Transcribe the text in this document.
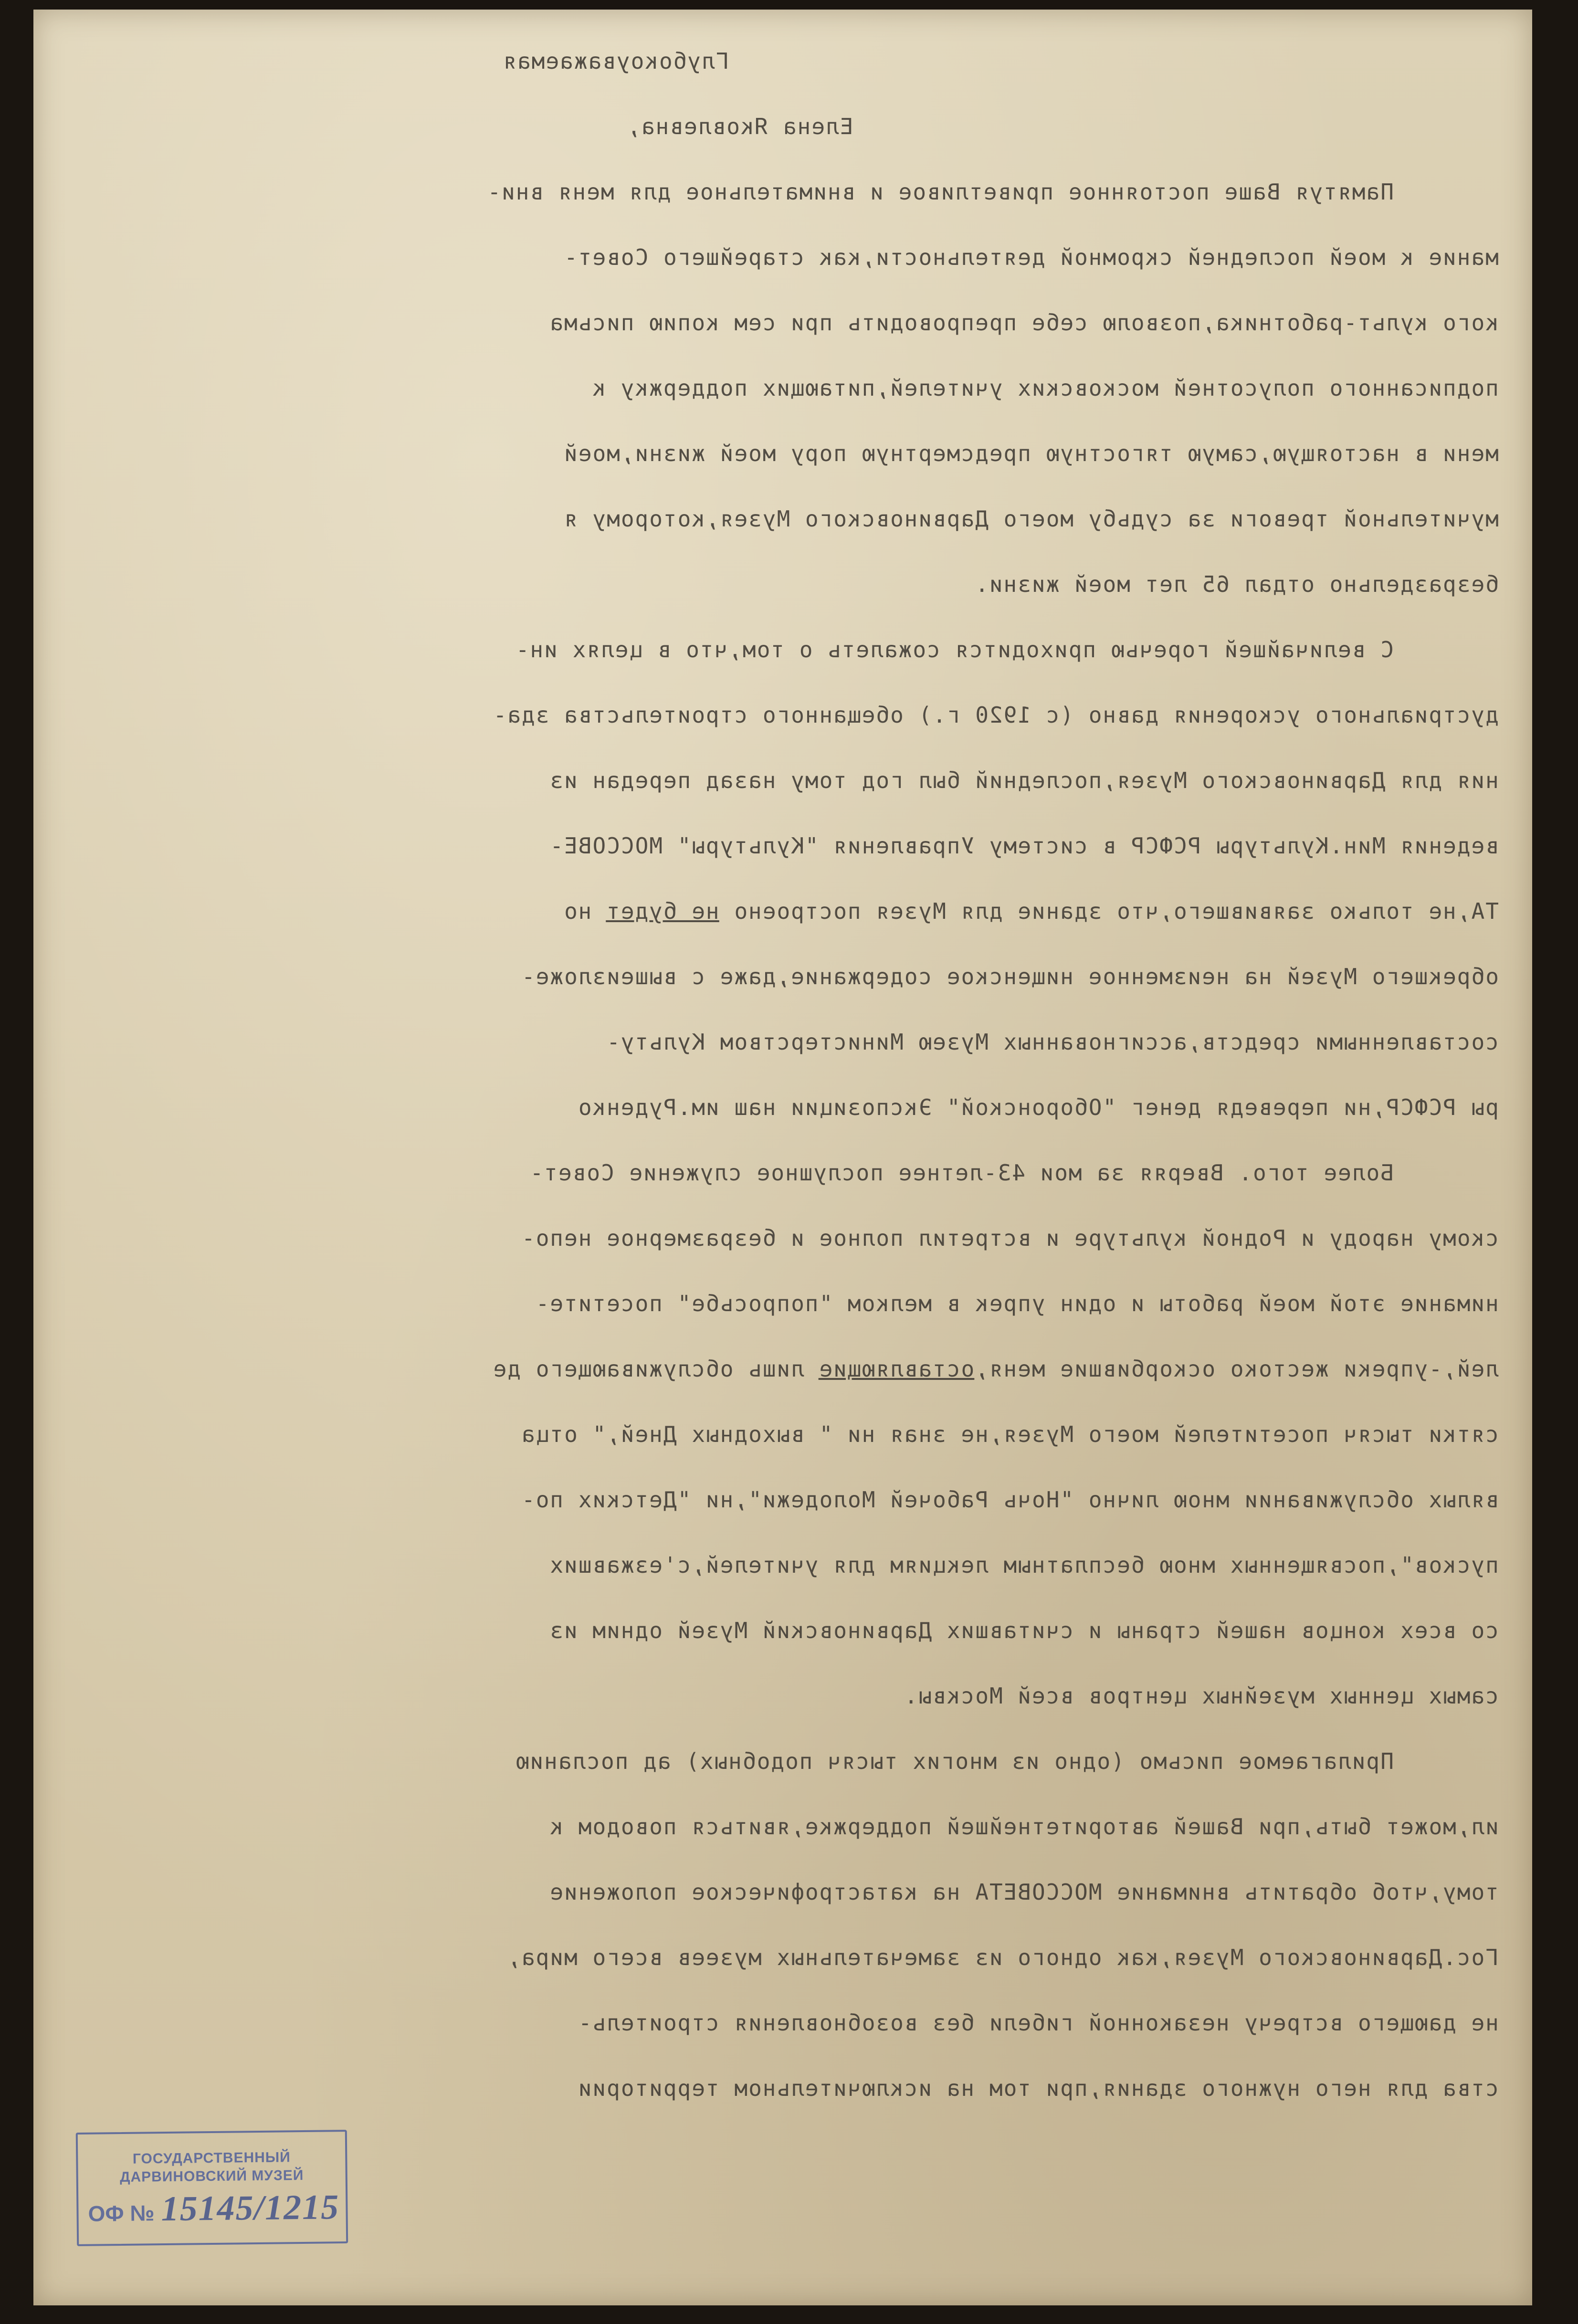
Глубокоуважаемая
Елена Яковлевна,
Памятуя Ваше постоянное приветливое и внимательное для меня вни-
мание к моей последней скромной деятельности,как старейшего Совет-
кого культ-работника,позволю себе препроводить при сем копию письма
подписанного полусотней московских учителей,питающих поддержку к
мени в настоящую,самую тягостную предсмертную пору моей жизни,моей
мучительной тревоги за судьбу моего Дарвиновского Музея,которому я
безраздельно отдал 65 лет моей жизни.
С величайшей горечью приходится сожалеть о том,что в целях ин-
дустриального ускорения давно (с 1920 г.) обещанного строительства зда-
ния для Дарвиновского Музея,последний был год тому назад передан из
ведения Мин.Культуры РСФСР в систему Управления "Культуры" МОССОВЕ-
ТА,не только заявившего,что здание для Музея построено не будет но
обрекшего Музей на неизменное нищенское содержание,даже с вышеизложе-
составленными средств,ассигнованных Музею Министерством Культу-
ры РСФСР,ни переведя денег "Оборонской" Экспозиции наш им.Руденко
Более того. Вверяя за мои 43-летнее послушное служение Совет-
скому народу и Родной культуре и встретил полное и безразмерное непо-
нимание этой моей работы и один упрек в мелком "попросьбе" посетите-
лей,-упреки жестоко оскорбившие меня,оставляющие лишь обслуживающего де
сятки тысяч посетителей моего Музея,не зная ни " выходных Дней," отца
вялых обслуживании мною лично "Ночь Рабочей Молодежи",ни "Детских по-
пусков",посвященных мною бесплатным лекциям для учителей,с'езжавших
со всех концов нашей страны и считавших Дарвиновский Музей одним из
самых ценных музейных центров всей Москвы.
Прилагаемое письмо (одно из многих тысяч подобных) ад посланию
ил,может быть,при Вашей авторитетнейшей поддержке,явиться поводом к
тому,чтоб обратить внимание МОССОВЕТА на катастрофическое положение
Гос.Дарвиновского Музея,как одного из замечательных музеев всего мира,
не дающего встречу незаконной гибели без возобновления строитель-
ства для него нужного здания,при том на исключительном территории
ГОСУДАРСТВЕННЫЙ
ДАРВИНОВСКИЙ МУЗЕЙ
ОФ № 15145/1215
